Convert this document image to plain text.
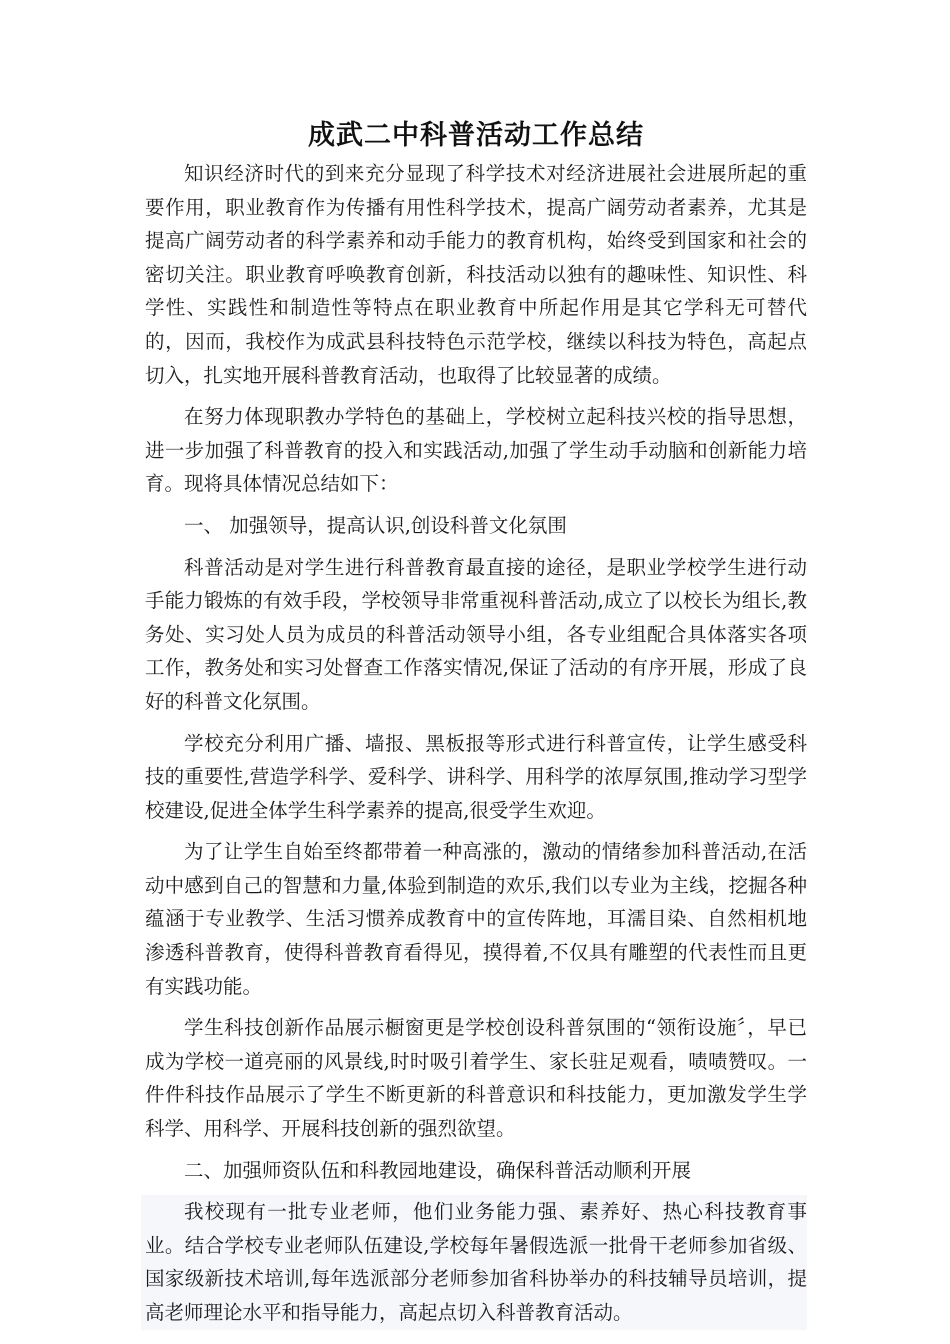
成武二中科普活动工作总结

知识经济时代的到来充分显现了科学技术对经济进展社会进展所起的重要作用，职业教育作为传播有用性科学技术，提高广阔劳动者素养，尤其是提高广阔劳动者的科学素养和动手能力的教育机构，始终受到国家和社会的密切关注。职业教育呼唤教育创新，科技活动以独有的趣味性、知识性、科学性、实践性和制造性等特点在职业教育中所起作用是其它学科无可替代的，因而，我校作为成武县科技特色示范学校，继续以科技为特色，高起点切入，扎实地开展科普教育活动，也取得了比较显著的成绩。

在努力体现职教办学特色的基础上，学校树立起科技兴校的指导思想，进一步加强了科普教育的投入和实践活动,加强了学生动手动脑和创新能力培育。现将具体情况总结如下：

一、 加强领导，提高认识,创设科普文化氛围

科普活动是对学生进行科普教育最直接的途径，是职业学校学生进行动手能力锻炼的有效手段，学校领导非常重视科普活动,成立了以校长为组长,教务处、实习处人员为成员的科普活动领导小组，各专业组配合具体落实各项工作，教务处和实习处督查工作落实情况,保证了活动的有序开展，形成了良好的科普文化氛围。

学校充分利用广播、墙报、黑板报等形式进行科普宣传，让学生感受科技的重要性,营造学科学、爱科学、讲科学、用科学的浓厚氛围,推动学习型学校建设,促进全体学生科学素养的提高,很受学生欢迎。

为了让学生自始至终都带着一种高涨的，激动的情绪参加科普活动,在活动中感到自己的智慧和力量,体验到制造的欢乐,我们以专业为主线，挖掘各种蕴涵于专业教学、生活习惯养成教育中的宣传阵地，耳濡目染、自然相机地渗透科普教育，使得科普教育看得见，摸得着,不仅具有雕塑的代表性而且更有实践功能。

学生科技创新作品展示橱窗更是学校创设科普氛围的“领衔设施〞，早已成为学校一道亮丽的风景线,时时吸引着学生、家长驻足观看，啧啧赞叹。一件件科技作品展示了学生不断更新的科普意识和科技能力，更加激发学生学科学、用科学、开展科技创新的强烈欲望。

二、加强师资队伍和科教园地建设，确保科普活动顺利开展

我校现有一批专业老师，他们业务能力强、素养好、热心科技教育事业。结合学校专业老师队伍建设,学校每年暑假选派一批骨干老师参加省级、国家级新技术培训,每年选派部分老师参加省科协举办的科技辅导员培训，提高老师理论水平和指导能力，高起点切入科普教育活动。
